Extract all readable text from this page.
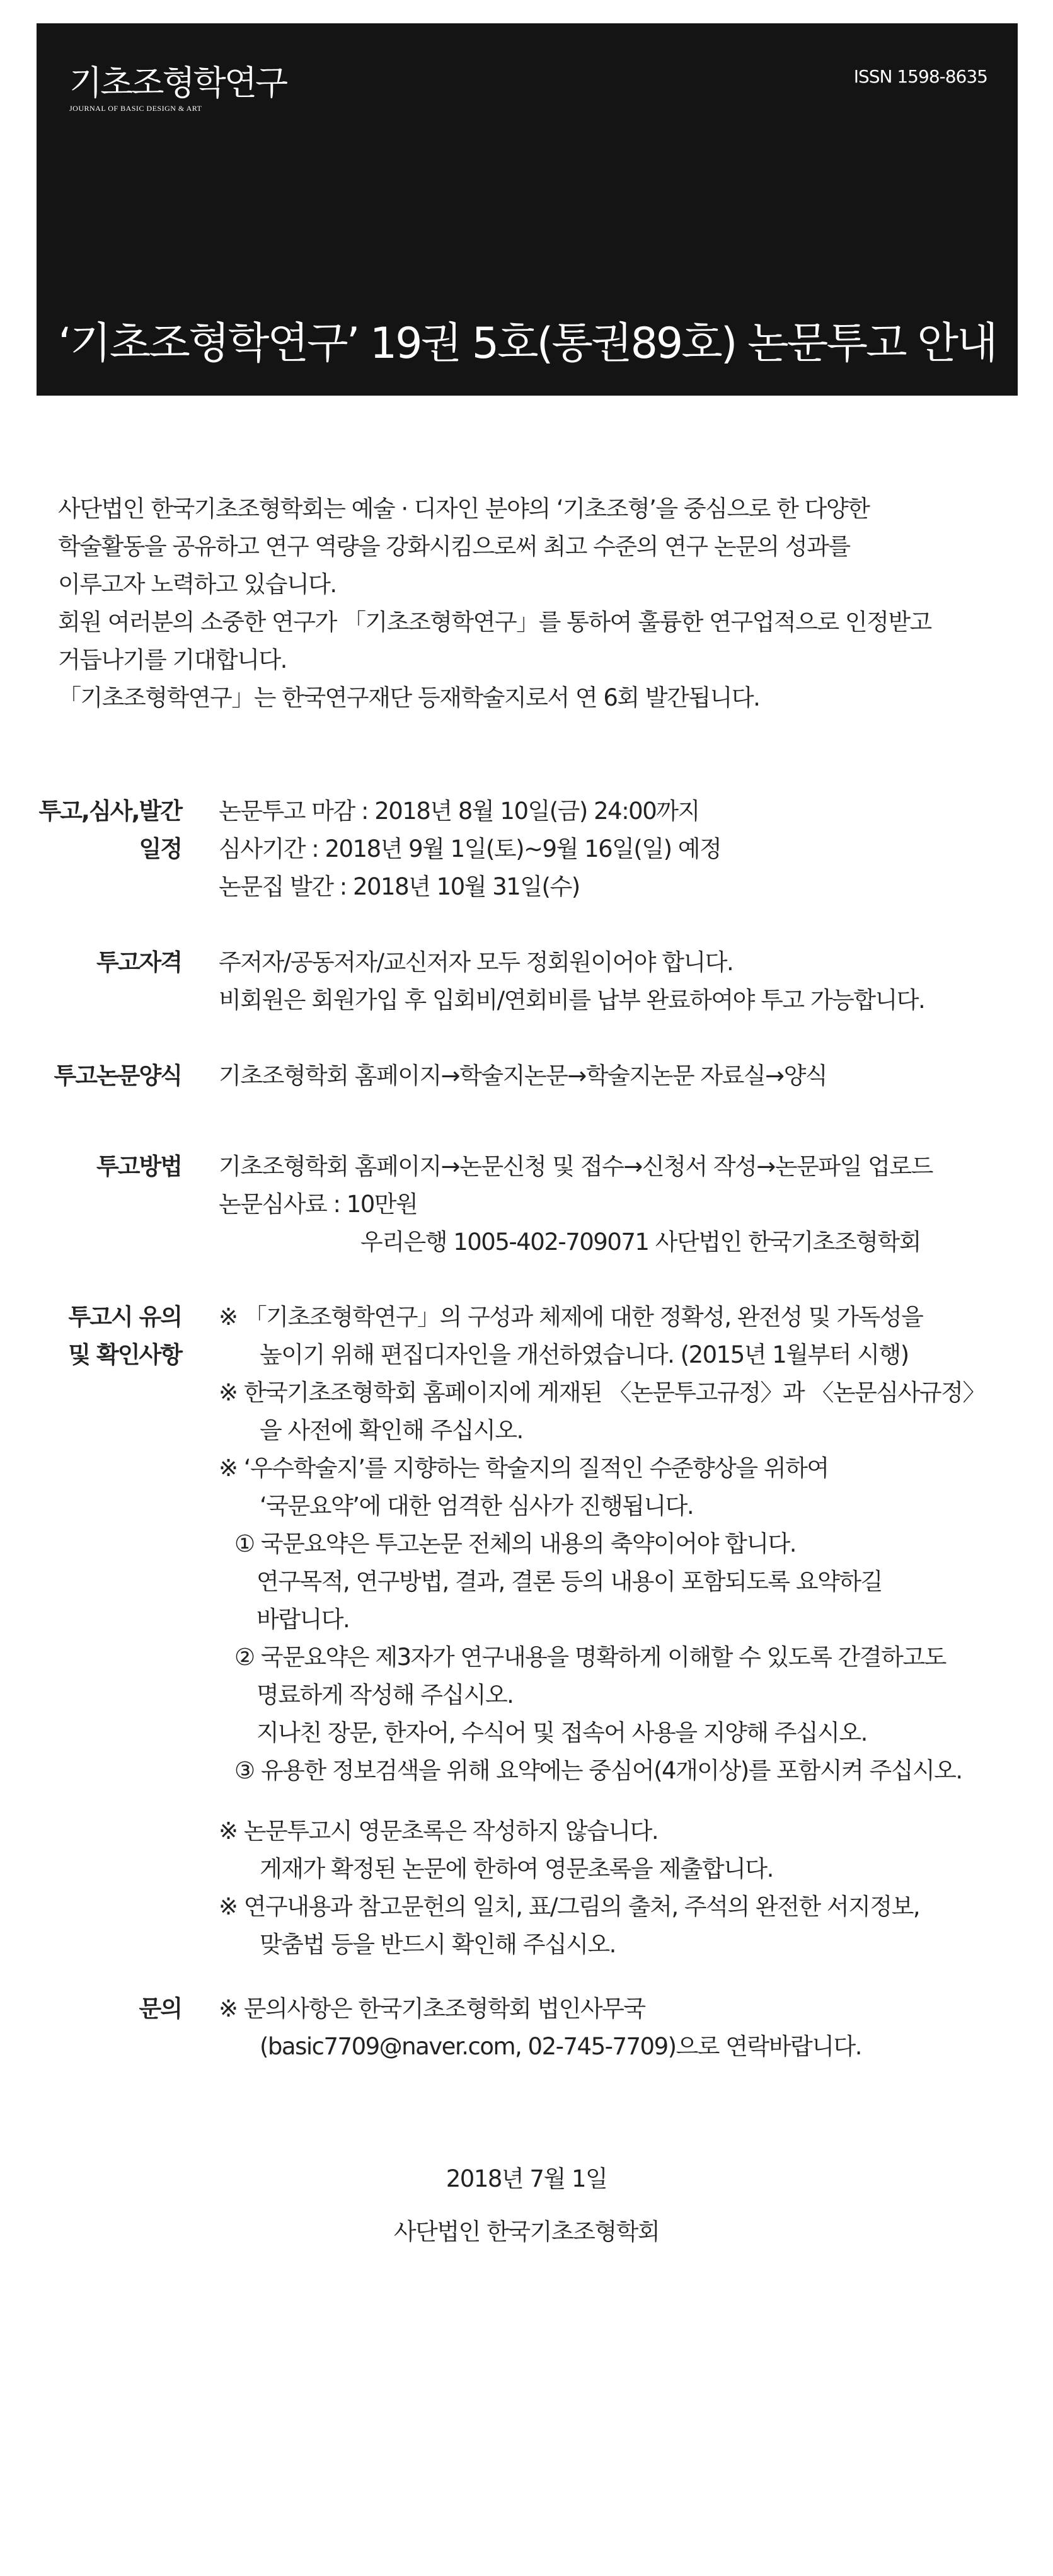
기초조형학연구
JOURNAL OF BASIC DESIGN & ART
ISSN 1598-8635
‘기초조형학연구’ 19권 5호(통권89호) 논문투고 안내

사단법인 한국기초조형학회는 예술 · 디자인 분야의 ‘기초조형’을 중심으로 한 다양한

학술활동을 공유하고 연구 역량을 강화시킴으로써 최고 수준의 연구 논문의 성과를

이루고자 노력하고 있습니다.

회원 여러분의 소중한 연구가 「기초조형학연구」를 통하여 훌륭한 연구업적으로 인정받고

거듭나기를 기대합니다.

「기초조형학연구」는 한국연구재단 등재학술지로서 연 6회 발간됩니다.

투고,심사,발간
일정

논문투고 마감 : 2018년 8월 10일(금) 24:00까지

심사기간 : 2018년 9월 1일(토)~9월 16일(일) 예정

논문집 발간 : 2018년 10월 31일(수)

투고자격 주저자/공동저자/교신저자 모두 정회원이어야 합니다.

비회원은 회원가입 후 입회비/연회비를 납부 완료하여야 투고 가능합니다.

투고논문양식 기초조형학회 홈페이지→학술지논문→학술지논문 자료실→양식

투고방법 기초조형학회 홈페이지→논문신청 및 접수→신청서 작성→논문파일 업로드

논문심사료 : 10만원

우리은행 1005-402-709071 사단법인 한국기초조형학회

투고시 유의
및 확인사항

※ 「기초조형학연구」의 구성과 체제에 대한 정확성, 완전성 및 가독성을

높이기 위해 편집디자인을 개선하였습니다. (2015년 1월부터 시행)

※ 한국기초조형학회 홈페이지에 게재된 〈논문투고규정〉과 〈논문심사규정〉

을 사전에 확인해 주십시오.

※ ‘우수학술지’를 지향하는 학술지의 질적인 수준향상을 위하여

‘국문요약’에 대한 엄격한 심사가 진행됩니다.

① 국문요약은 투고논문 전체의 내용의 축약이어야 합니다.

연구목적, 연구방법, 결과, 결론 등의 내용이 포함되도록 요약하길

바랍니다.

② 국문요약은 제3자가 연구내용을 명확하게 이해할 수 있도록 간결하고도

명료하게 작성해 주십시오.

지나친 장문, 한자어, 수식어 및 접속어 사용을 지양해 주십시오.

③ 유용한 정보검색을 위해 요약에는 중심어(4개이상)를 포함시켜 주십시오.

※ 논문투고시 영문초록은 작성하지 않습니다.

게재가 확정된 논문에 한하여 영문초록을 제출합니다.

※ 연구내용과 참고문헌의 일치, 표/그림의 출처, 주석의 완전한 서지정보,

맞춤법 등을 반드시 확인해 주십시오.

문의 ※ 문의사항은 한국기초조형학회 법인사무국

(basic7709@naver.com, 02-745-7709)으로 연락바랍니다.

2018년 7월 1일
사단법인 한국기초조형학회
